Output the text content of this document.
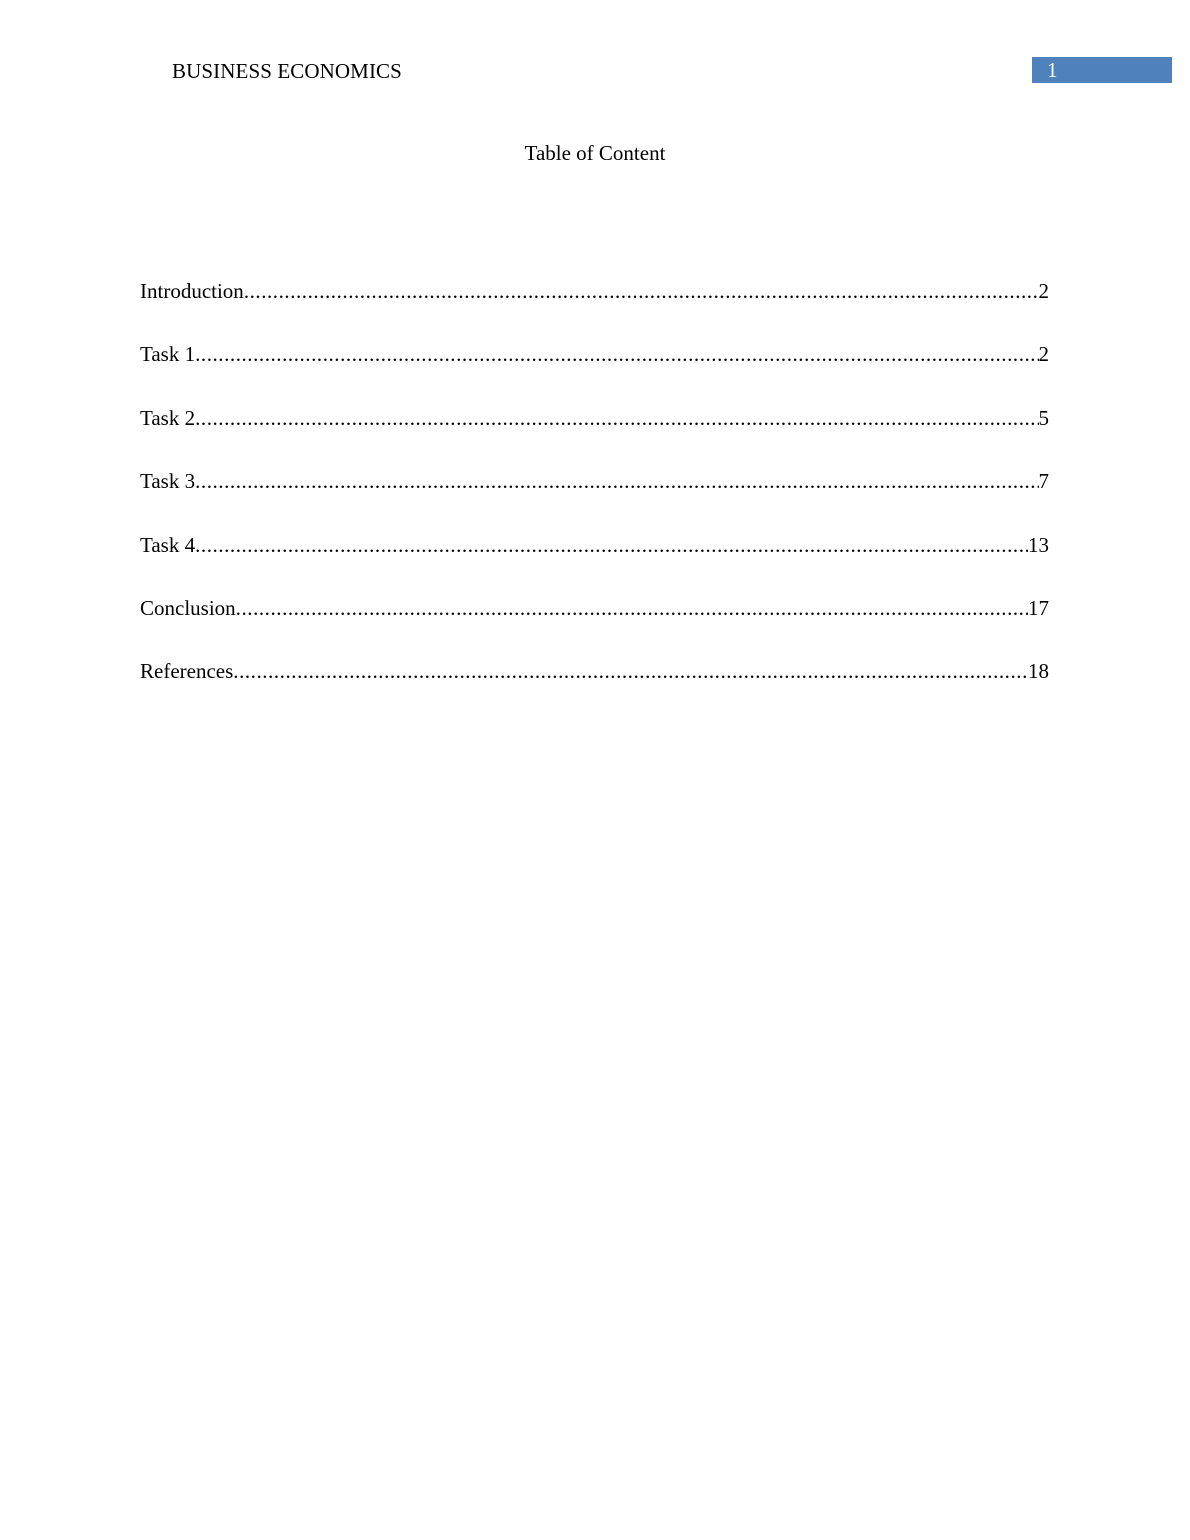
BUSINESS ECONOMICS	1
Table of Content
Introduction .....	2
Task 1 .....	2
Task 2 .....	5
Task 3 .....	7
Task 4 .....	13
Conclusion .....	17
References .....	18
